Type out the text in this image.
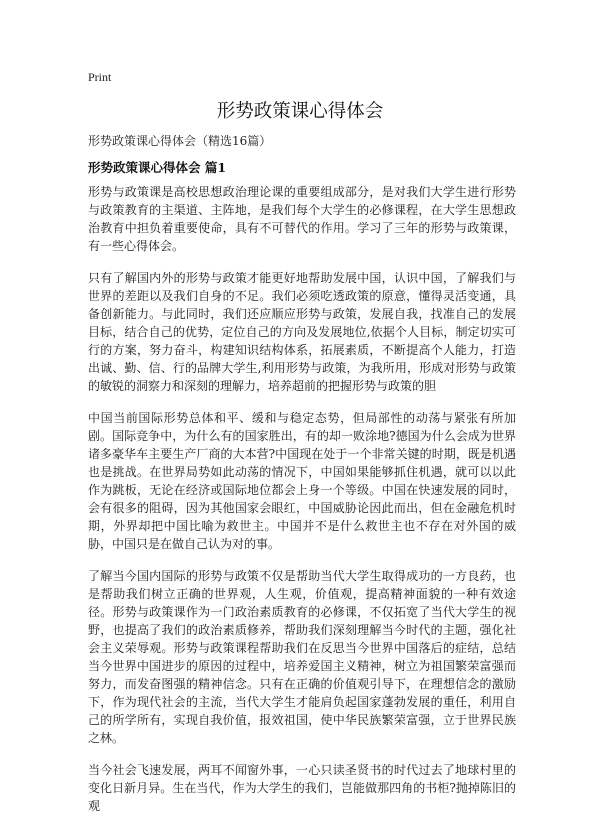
Print
形势政策课心得体会
形势政策课心得体会（精选16篇）
形势政策课心得体会 篇1

形势与政策课是高校思想政治理论课的重要组成部分，是对我们大学生进行形势与政策教育的主渠道、主阵地，是我们每个大学生的必修课程，在大学生思想政治教育中担负着重要使命，具有不可替代的作用。学习了三年的形势与政策课，有一些心得体会。

只有了解国内外的形势与政策才能更好地帮助发展中国，认识中国，了解我们与世界的差距以及我们自身的不足。我们必须吃透政策的原意，懂得灵活变通，具备创新能力。与此同时，我们还应顺应形势与政策，发展自我，找准自己的发展目标，结合自己的优势，定位自己的方向及发展地位,依据个人目标，制定切实可行的方案，努力奋斗，构建知识结构体系，拓展素质，不断提高个人能力，打造出诚、勤、信、行的品牌大学生,利用形势与政策，为我所用，形成对形势与政策的敏锐的洞察力和深刻的理解力，培养超前的把握形势与政策的胆

中国当前国际形势总体和平、缓和与稳定态势，但局部性的动荡与紧张有所加剧。国际竞争中，为什么有的国家胜出，有的却一败涂地?德国为什么会成为世界诸多豪华车主要生产厂商的大本营?中国现在处于一个非常关键的时期，既是机遇也是挑战。在世界局势如此动荡的情况下，中国如果能够抓住机遇，就可以以此作为跳板，无论在经济或国际地位都会上身一个等级。中国在快速发展的同时，会有很多的阻碍，因为其他国家会眼红，中国威胁论因此而出，但在金融危机时期，外界却把中国比喻为救世主。中国并不是什么救世主也不存在对外国的威胁，中国只是在做自己认为对的事。

了解当今国内国际的形势与政策不仅是帮助当代大学生取得成功的一方良药，也是帮助我们树立正确的世界观，人生观，价值观，提高精神面貌的一种有效途径。形势与政策课作为一门政治素质教育的必修课，不仅拓宽了当代大学生的视野，也提高了我们的政治素质修养，帮助我们深刻理解当今时代的主题，强化社会主义荣辱观。形势与政策课程帮助我们在反思当今世界中国落后的症结，总结当今世界中国进步的原因的过程中，培养爱国主义精神，树立为祖国繁荣富强而努力，而发奋图强的精神信念。只有在正确的价值观引导下，在理想信念的激励下，作为现代社会的主流，当代大学生才能肩负起国家蓬勃发展的重任，利用自己的所学所有，实现自我价值，报效祖国，使中华民族繁荣富强，立于世界民族之林。

当今社会飞速发展，两耳不闻窗外事，一心只读圣贤书的时代过去了地球村里的变化日新月异。生在当代，作为大学生的我们，岂能做那四角的书柜?抛掉陈旧的观
